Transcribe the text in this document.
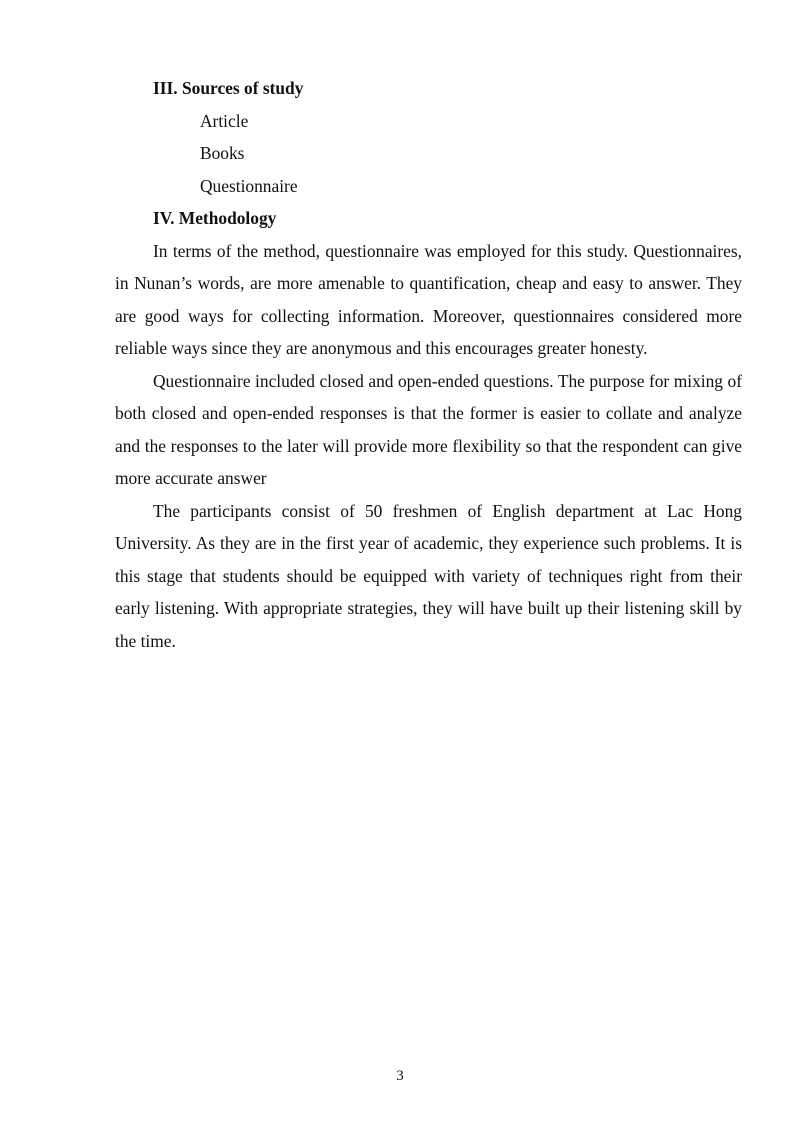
III. Sources of study

Article

Books

Questionnaire

IV. Methodology

In terms of the method, questionnaire was employed for this study. Questionnaires, in Nunan’s words, are more amenable to quantification, cheap and easy to answer. They are good ways for collecting information. Moreover, questionnaires considered more reliable ways since they are anonymous and this encourages greater honesty.

Questionnaire included closed and open-ended questions. The purpose for mixing of both closed and open-ended responses is that the former is easier to collate and analyze and the responses to the later will provide more flexibility so that the respondent can give more accurate answer

The participants consist of 50 freshmen of English department at Lac Hong University. As they are in the first year of academic, they experience such problems. It is this stage that students should be equipped with variety of techniques right from their early listening. With appropriate strategies, they will have built up their listening skill by the time.

3
